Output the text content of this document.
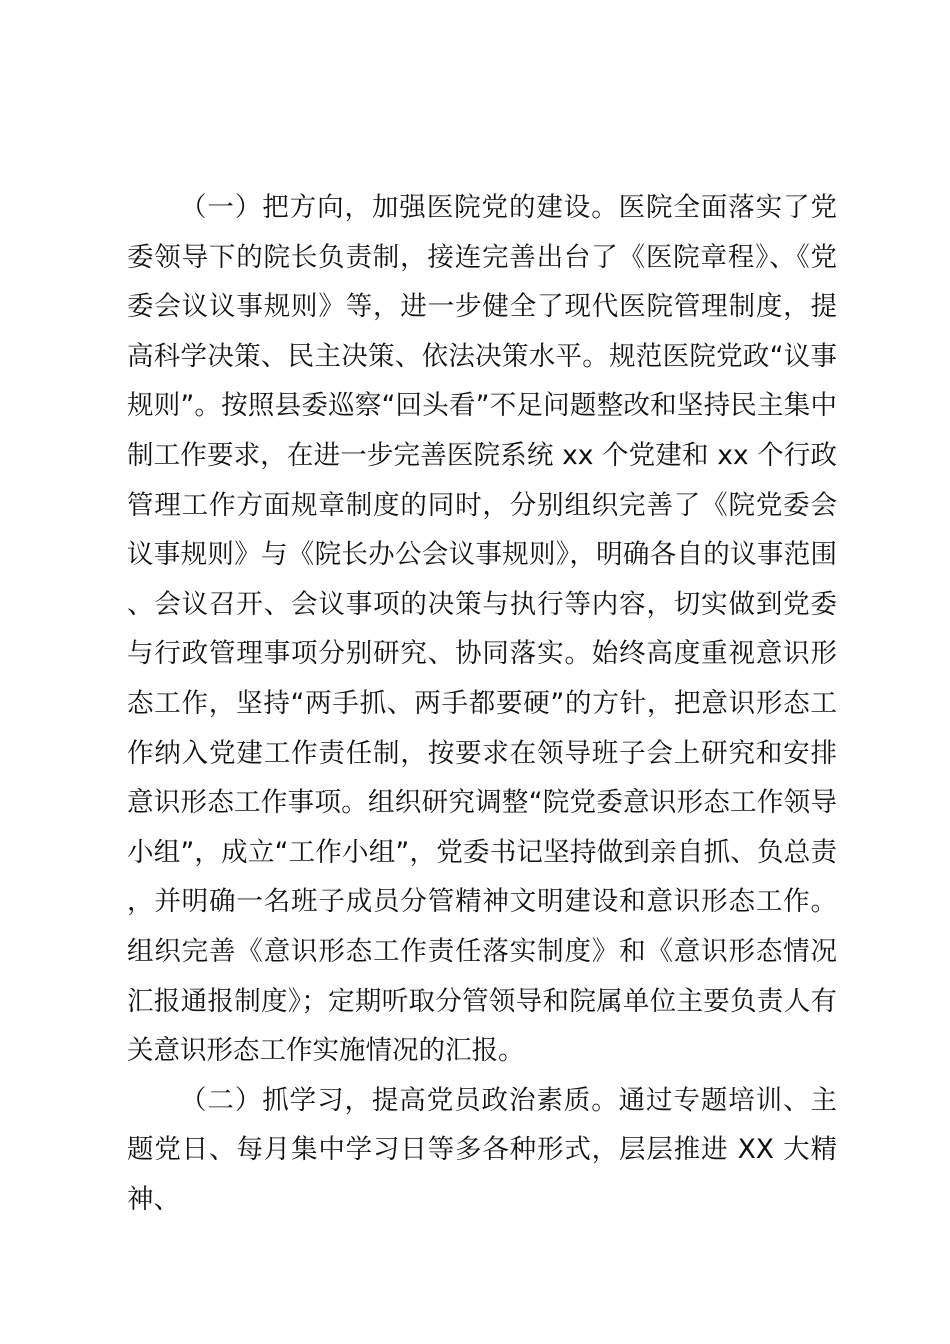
（一）把方向，加强医院党的建设。医院全面落实了党委领导下的院长负责制，接连完善出台了《医院章程》、《党委会议议事规则》等，进一步健全了现代医院管理制度，提高科学决策、民主决策、依法决策水平。规范医院党政“议事规则”。按照县委巡察“回头看”不足问题整改和坚持民主集中制工作要求，在进一步完善医院系统 xx 个党建和 xx 个行政管理工作方面规章制度的同时，分别组织完善了《院党委会议事规则》与《院长办公会议事规则》，明确各自的议事范围、会议召开、会议事项的决策与执行等内容，切实做到党委与行政管理事项分别研究、协同落实。始终高度重视意识形态工作，坚持“两手抓、两手都要硬”的方针，把意识形态工作纳入党建工作责任制，按要求在领导班子会上研究和安排意识形态工作事项。组织研究调整“院党委意识形态工作领导小组”，成立“工作小组”，党委书记坚持做到亲自抓、负总责，并明确一名班子成员分管精神文明建设和意识形态工作。组织完善《意识形态工作责任落实制度》和《意识形态情况汇报通报制度》；定期听取分管领导和院属单位主要负责人有关意识形态工作实施情况的汇报。

（二）抓学习，提高党员政治素质。通过专题培训、主题党日、每月集中学习日等多各种形式，层层推进 XX 大精神、
